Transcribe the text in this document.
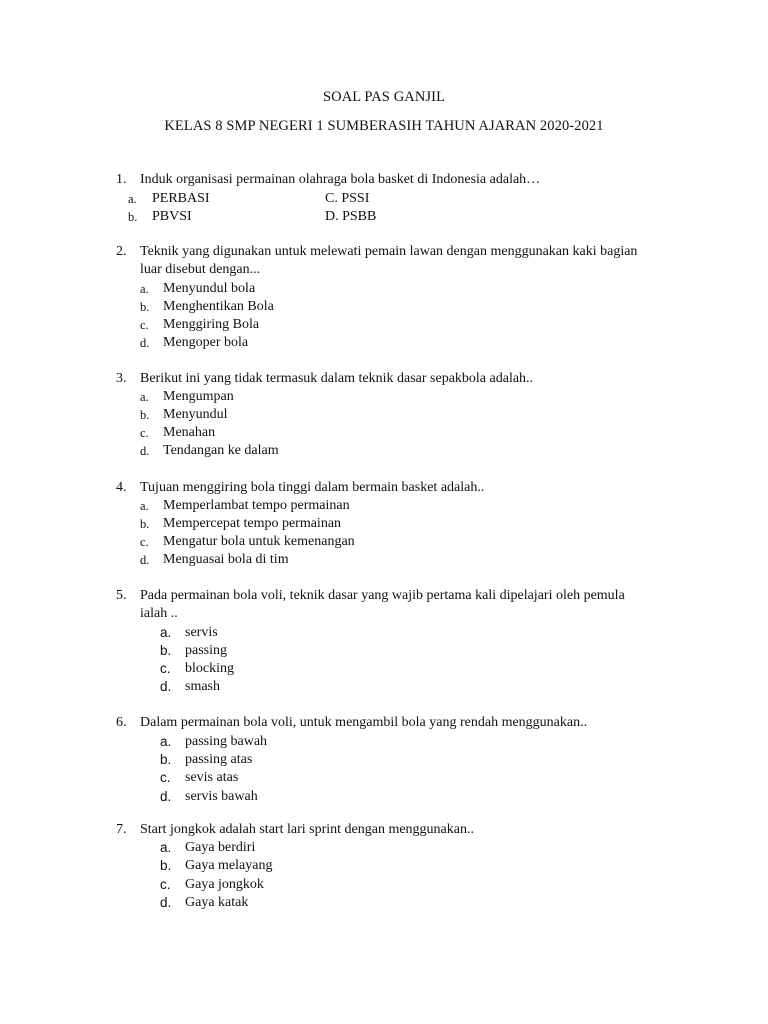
SOAL PAS GANJIL
KELAS 8 SMP NEGERI 1 SUMBERASIH TAHUN AJARAN 2020-2021
1. Induk organisasi permainan olahraga bola basket di Indonesia adalah…
a. PERBASI
b. PBVSI
C. PSSI
D. PSBB
2. Teknik yang digunakan untuk melewati pemain lawan dengan menggunakan kaki bagian luar disebut dengan...
a. Menyundul bola
b. Menghentikan Bola
c. Menggiring Bola
d. Mengoper bola
3. Berikut ini yang tidak termasuk dalam teknik dasar sepakbola adalah..
a. Mengumpan
b. Menyundul
c. Menahan
d. Tendangan ke dalam
4. Tujuan menggiring bola tinggi dalam bermain basket adalah..
a. Memperlambat tempo permainan
b. Mempercepat tempo permainan
c. Mengatur bola untuk kemenangan
d. Menguasai bola di tim
5. Pada permainan bola voli, teknik dasar yang wajib pertama kali dipelajari oleh pemula ialah ..
a. servis
b. passing
c. blocking
d. smash
6. Dalam permainan bola voli, untuk mengambil bola yang rendah menggunakan..
a. passing bawah
b. passing atas
c. sevis atas
d. servis bawah
7. Start jongkok adalah start lari sprint dengan menggunakan..
a. Gaya berdiri
b. Gaya melayang
c. Gaya jongkok
d. Gaya katak
